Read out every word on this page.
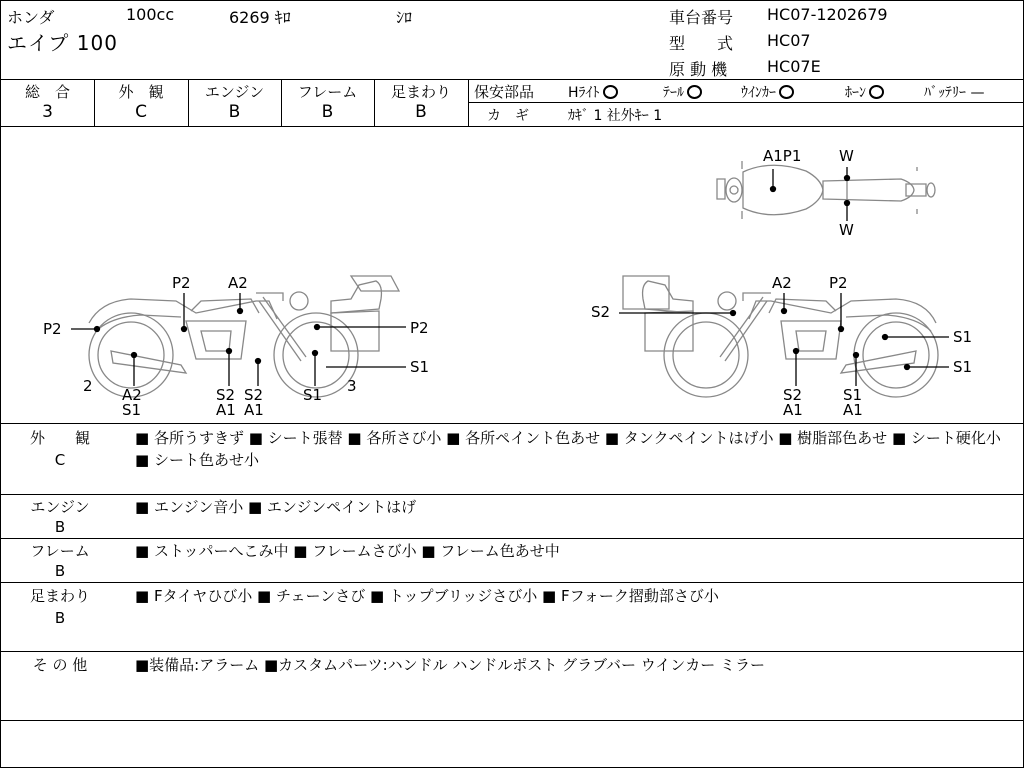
ホンダ	100cc	6269 ｷﾛ	ｼﾛ
エイプ 100
車台番号 HC07-1202679
型　　式 HC07
原 動 機 HC07E
総　合
3
外　観
C
エンジン
B
フレーム
B
足まわり
B
保安部品 Hﾗｲﾄ	ﾃｰﾙ	ｳｲﾝｶｰ	ﾎｰﾝ	ﾊﾞｯﾃﾘｰ —
カ　ギ	ｶｷﾞ 1 社外ｷｰ 1
A1P1	W
W
P2 A2
P2	P2
S1
2	3
A2
S1
S2
A1
S2
A1
S1
S2
A2 P2
S1
S1
S2
A1
S1
A1
外　　観
C
■ 各所うすきず ■ シート張替 ■ 各所さび小 ■ 各所ペイント色あせ ■ タンクペイントはげ小 ■ 樹脂部色あせ ■ シート硬化小 ■ シート色あせ小
エンジン
B
■ エンジン音小 ■ エンジンペイントはげ
フレーム
B
■ ストッパーへこみ中 ■ フレームさび小 ■ フレーム色あせ中
足まわり
B
■ Fタイヤひび小 ■ チェーンさび ■ トップブリッジさび小 ■ Fフォーク摺動部さび小
そ の 他	■装備品:アラーム ■カスタムパーツ:ハンドル ハンドルポスト グラブバー ウインカー ミラー
